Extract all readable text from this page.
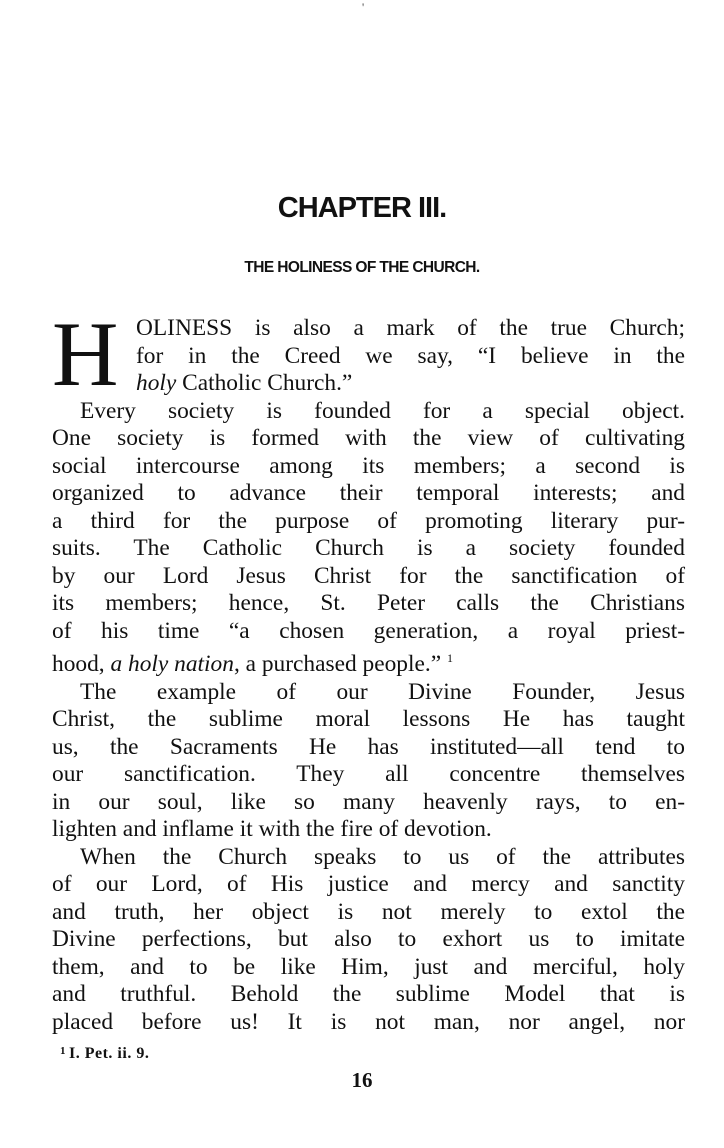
'
CHAPTER III.
THE HOLINESS OF THE CHURCH.
H OLINESS is also a mark of the true Church;
for in the Creed we say, “I believe in the
holy Catholic Church.”
Every society is founded for a special object.
One society is formed with the view of cultivating
social intercourse among its members; a second is
organized to advance their temporal interests; and
a third for the purpose of promoting literary pur-
suits. The Catholic Church is a society founded
by our Lord Jesus Christ for the sanctification of
its members; hence, St. Peter calls the Christians
of his time “a chosen generation, a royal priest-
hood, a holy nation, a purchased people.” $^1$
The example of our Divine Founder, Jesus
Christ, the sublime moral lessons He has taught
us, the Sacraments He has instituted—all tend to
our sanctification. They all concentre themselves
in our soul, like so many heavenly rays, to en-
lighten and inflame it with the fire of devotion.
When the Church speaks to us of the attributes
of our Lord, of His justice and mercy and sanctity
and truth, her object is not merely to extol the
Divine perfections, but also to exhort us to imitate
them, and to be like Him, just and merciful, holy
and truthful. Behold the sublime Model that is
placed before us! It is not man, nor angel, nor
$^1$ I. Pet. ii. 9.
16
